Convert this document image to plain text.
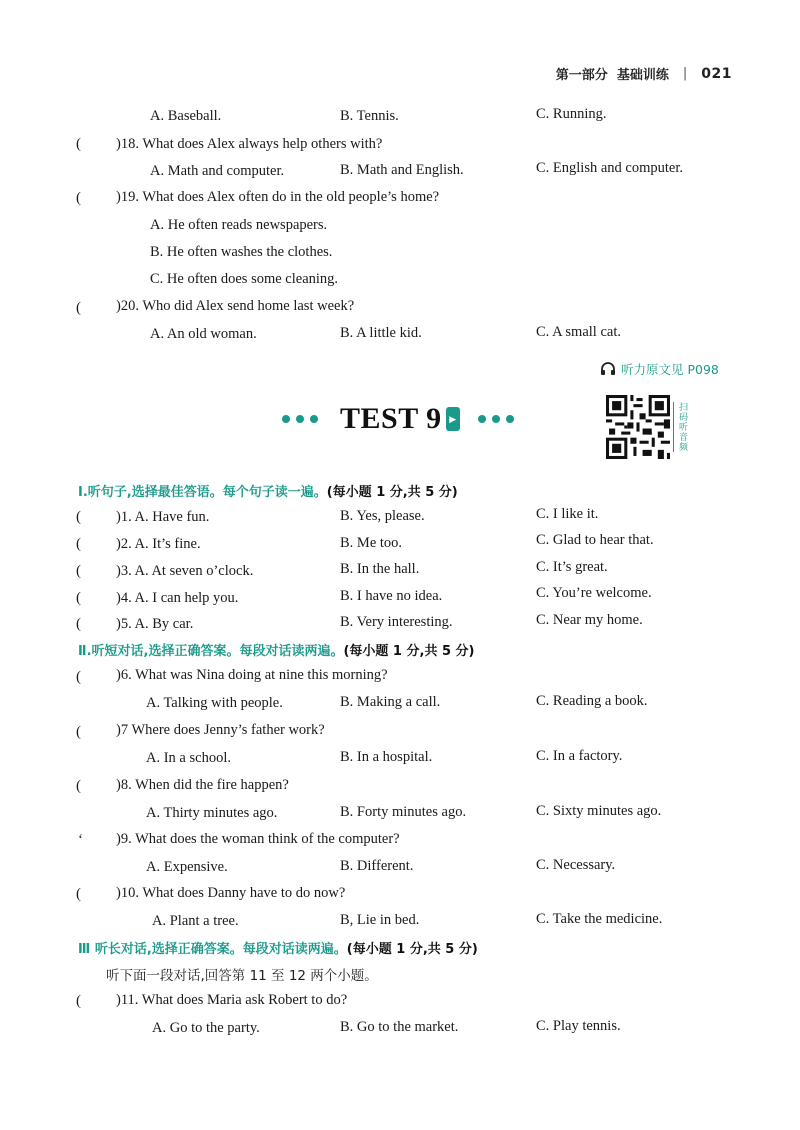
第一部分
基础训练 | 021
A. Baseball.	B. Tennis.	C. Running.
( )18. What does Alex always help others with?
A. Math and computer.	B. Math and English.	C. English and computer.
( )19. What does Alex often do in the old people’s home?
A. He often reads newspapers.
B. He often washes the clothes.
C. He often does some cleaning.
( )20. Who did Alex send home last week?
A. An old woman.	B. A little kid.	C. A small cat.
听力原文见 P098
TEST 9 ▶	扫码听音频
Ⅰ.听句子,选择最佳答语。每个句子读一遍。(每小题 1 分,共 5 分)
( )1. A. Have fun.	B. Yes, please.	C. I like it.
( )2. A. It’s fine.	B. Me too.	C. Glad to hear that.
( )3. A. At seven o’clock.	B. In the hall.	C. It’s great.
( )4. A. I can help you.	B. I have no idea.	C. You’re welcome.
( )5. A. By car.	B. Very interesting.	C. Near my home.
Ⅱ.听短对话,选择正确答案。每段对话读两遍。(每小题 1 分,共 5 分)
( )6. What was Nina doing at nine this morning?
A. Talking with people.	B. Making a call.	C. Reading a book.
( )7 Where does Jenny’s father work?
A. In a school.	B. In a hospital.	C. In a factory.
( )8. When did the fire happen?
A. Thirty minutes ago.	B. Forty minutes ago.	C. Sixty minutes ago.
ʻ )9. What does the woman think of the computer?
A. Expensive.	B. Different.	C. Necessary.
( )10. What does Danny have to do now?
A. Plant a tree.	B, Lie in bed.	C. Take the medicine.
Ⅲ 听长对话,选择正确答案。每段对话读两遍。(每小题 1 分,共 5 分)
听下面一段对话,回答第 11 至 12 两个小题。
( )11. What does Maria ask Robert to do?
A. Go to the party.	B. Go to the market.	C. Play tennis.
